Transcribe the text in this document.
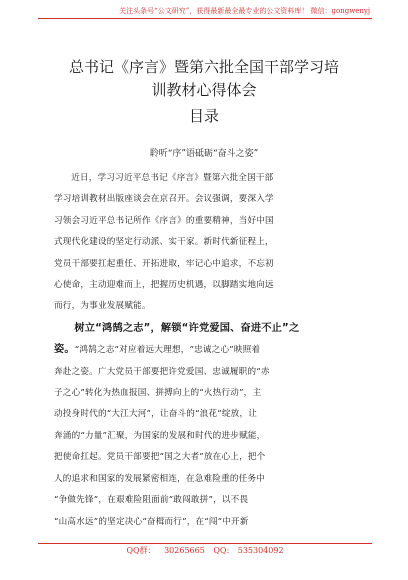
关注头条号“公文研究”，获得最新最全最专业的公文资料库！ 微信：gongwenyj
总书记《序言》暨第六批全国干部学习培
训教材心得体会
目录
聆听“序”语砥砺“奋斗之姿”
近日，学习习近平总书记《序言》暨第六批全国干部
学习培训教材出版座谈会在京召开。会议强调，要深入学
习领会习近平总书记所作《序言》的重要精神，当好中国
式现代化建设的坚定行动派、实干家。新时代新征程上，
党员干部要扛起重任、开拓进取，牢记心中追求，不忘初
心使命，主动迎难而上，把握历史机遇，以脚踏实地向远
而行，为事业发展赋能。
树立“鸿鹄之志”，解锁“许党爱国、奋进不止”之
姿。“鸿鹄之志”对应着远大理想，“忠诚之心”映照着
奔赴之姿。广大党员干部要把许党爱国、忠诚履职的“赤
子之心”转化为热血报国、拼搏向上的“火热行动”，主
动投身时代的“大江大河”，让奋斗的“浪花”绽放，让
奔涌的“力量”汇聚，为国家的发展和时代的进步赋能，
把使命扛起。党员干部要把“国之大者”放在心上，把个
人的追求和国家的发展紧密相连，在急难险重的任务中
“争做先锋”，在艰难险阻面前“敢闯敢拼”，以不畏
“山高水远”的坚定决心“奋楫而行”，在“闯”中开新
QQ群： 30265665 QQ: 535304092
